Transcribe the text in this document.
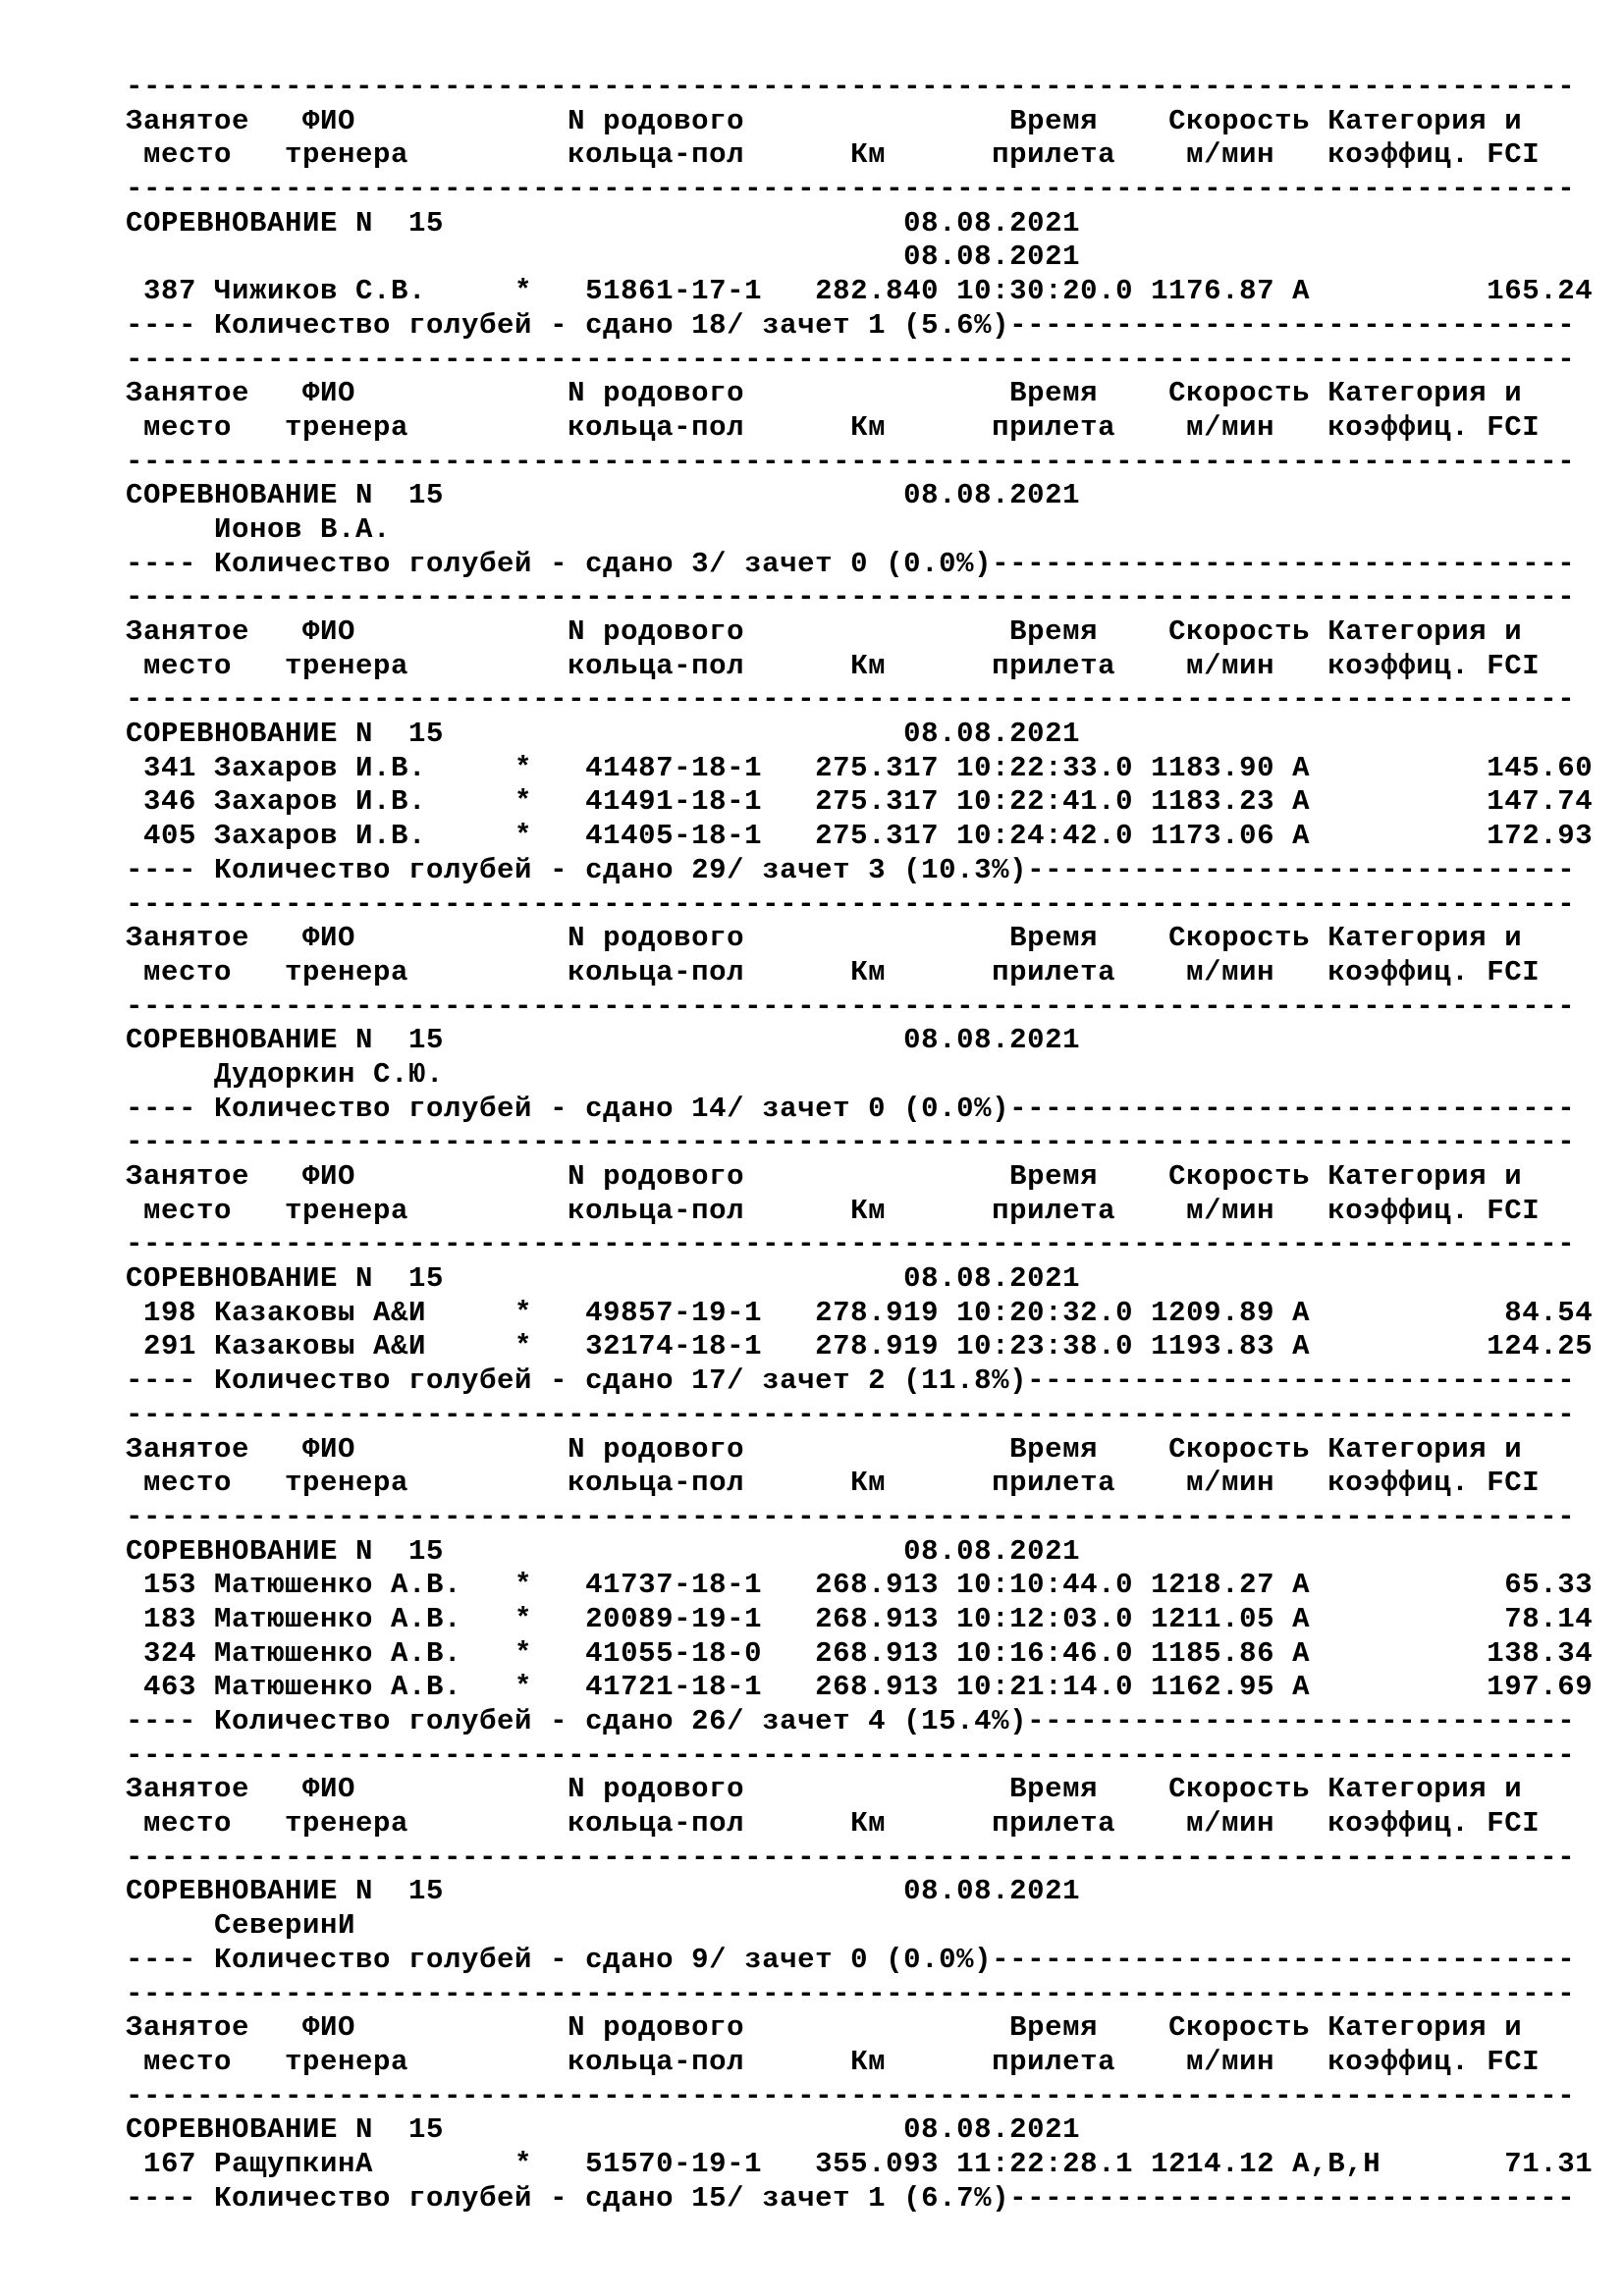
----------------------------------------------------------------------------------
Занятое   ФИО            N родового               Время    Скорость Категория и
место   тренера         кольца-пол      Км      прилета    м/мин   коэффиц. FCI
----------------------------------------------------------------------------------
СОРЕВНОВАНИЕ N  15                          08.08.2021
08.08.2021
387 Чижиков С.В.     *   51861-17-1   282.840 10:30:20.0 1176.87 A          165.24
---- Количество голубей - сдано 18/ зачет 1 (5.6%)--------------------------------
----------------------------------------------------------------------------------
Занятое   ФИО            N родового               Время    Скорость Категория и
место   тренера         кольца-пол      Км      прилета    м/мин   коэффиц. FCI
----------------------------------------------------------------------------------
СОРЕВНОВАНИЕ N  15                          08.08.2021
Ионов В.А.
---- Количество голубей - сдано 3/ зачет 0 (0.0%)---------------------------------
----------------------------------------------------------------------------------
Занятое   ФИО            N родового               Время    Скорость Категория и
место   тренера         кольца-пол      Км      прилета    м/мин   коэффиц. FCI
----------------------------------------------------------------------------------
СОРЕВНОВАНИЕ N  15                          08.08.2021
341 Захаров И.В.     *   41487-18-1   275.317 10:22:33.0 1183.90 A          145.60
346 Захаров И.В.     *   41491-18-1   275.317 10:22:41.0 1183.23 A          147.74
405 Захаров И.В.     *   41405-18-1   275.317 10:24:42.0 1173.06 A          172.93
---- Количество голубей - сдано 29/ зачет 3 (10.3%)-------------------------------
----------------------------------------------------------------------------------
Занятое   ФИО            N родового               Время    Скорость Категория и
место   тренера         кольца-пол      Км      прилета    м/мин   коэффиц. FCI
----------------------------------------------------------------------------------
СОРЕВНОВАНИЕ N  15                          08.08.2021
Дудоркин С.Ю.
---- Количество голубей - сдано 14/ зачет 0 (0.0%)--------------------------------
----------------------------------------------------------------------------------
Занятое   ФИО            N родового               Время    Скорость Категория и
место   тренера         кольца-пол      Км      прилета    м/мин   коэффиц. FCI
----------------------------------------------------------------------------------
СОРЕВНОВАНИЕ N  15                          08.08.2021
198 Казаковы А&И     *   49857-19-1   278.919 10:20:32.0 1209.89 A           84.54
291 Казаковы А&И     *   32174-18-1   278.919 10:23:38.0 1193.83 A          124.25
---- Количество голубей - сдано 17/ зачет 2 (11.8%)-------------------------------
----------------------------------------------------------------------------------
Занятое   ФИО            N родового               Время    Скорость Категория и
место   тренера         кольца-пол      Км      прилета    м/мин   коэффиц. FCI
----------------------------------------------------------------------------------
СОРЕВНОВАНИЕ N  15                          08.08.2021
153 Матюшенко А.В.   *   41737-18-1   268.913 10:10:44.0 1218.27 A           65.33
183 Матюшенко А.В.   *   20089-19-1   268.913 10:12:03.0 1211.05 A           78.14
324 Матюшенко А.В.   *   41055-18-0   268.913 10:16:46.0 1185.86 A          138.34
463 Матюшенко А.В.   *   41721-18-1   268.913 10:21:14.0 1162.95 A          197.69
---- Количество голубей - сдано 26/ зачет 4 (15.4%)-------------------------------
----------------------------------------------------------------------------------
Занятое   ФИО            N родового               Время    Скорость Категория и
место   тренера         кольца-пол      Км      прилета    м/мин   коэффиц. FCI
----------------------------------------------------------------------------------
СОРЕВНОВАНИЕ N  15                          08.08.2021
СеверинИ
---- Количество голубей - сдано 9/ зачет 0 (0.0%)---------------------------------
----------------------------------------------------------------------------------
Занятое   ФИО            N родового               Время    Скорость Категория и
место   тренера         кольца-пол      Км      прилета    м/мин   коэффиц. FCI
----------------------------------------------------------------------------------
СОРЕВНОВАНИЕ N  15                          08.08.2021
167 РащупкинА        *   51570-19-1   355.093 11:22:28.1 1214.12 A,B,H       71.31
---- Количество голубей - сдано 15/ зачет 1 (6.7%)--------------------------------
